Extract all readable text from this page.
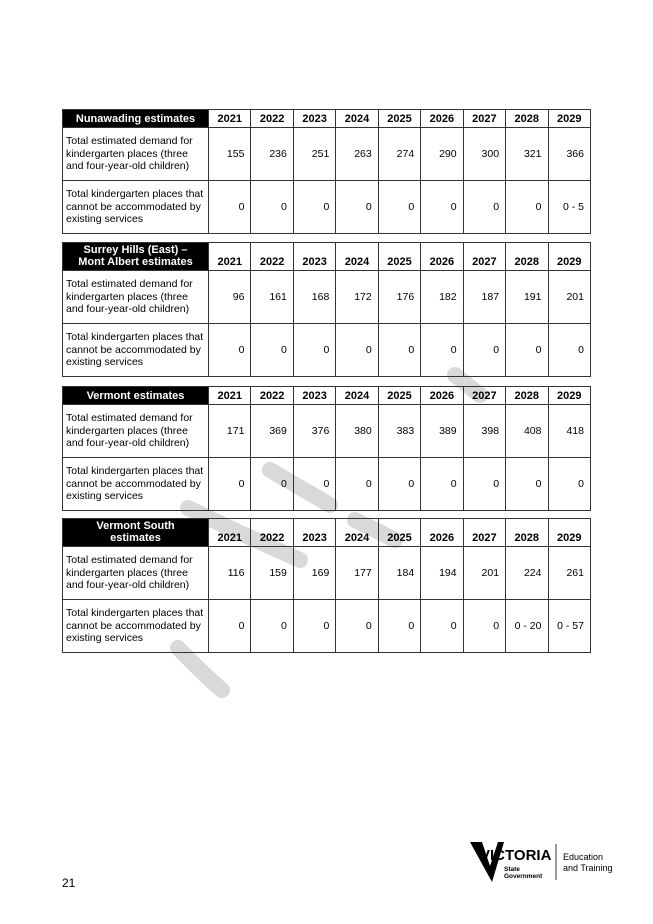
Nunawading estimates	2021	2022	2023	2024	2025	2026	2027	2028	2029
Total estimated demand for kindergarten places (three and four-year-old children)	155	236	251	263	274	290	300	321	366
Total kindergarten places that cannot be accommodated by existing services	0	0	0	0	0	0	0	0	0 - 5
Surrey Hills (East) –
Mont Albert estimates	2021	2022	2023	2024	2025	2026	2027	2028	2029
Total estimated demand for kindergarten places (three and four-year-old children)	96	161	168	172	176	182	187	191	201
Total kindergarten places that cannot be accommodated by existing services	0	0	0	0	0	0	0	0	0
Vermont estimates	2021	2022	2023	2024	2025	2026	2027	2028	2029
Total estimated demand for kindergarten places (three and four-year-old children)	171	369	376	380	383	389	398	408	418
Total kindergarten places that cannot be accommodated by existing services	0	0	0	0	0	0	0	0	0
Vermont South
estimates	2021	2022	2023	2024	2025	2026	2027	2028	2029
Total estimated demand for kindergarten places (three and four-year-old children)	116	159	169	177	184	194	201	224	261
Total kindergarten places that cannot be accommodated by existing services	0	0	0	0	0	0	0	0 - 20	0 - 57
21
VICTORIA
State
Government
Education
and Training
